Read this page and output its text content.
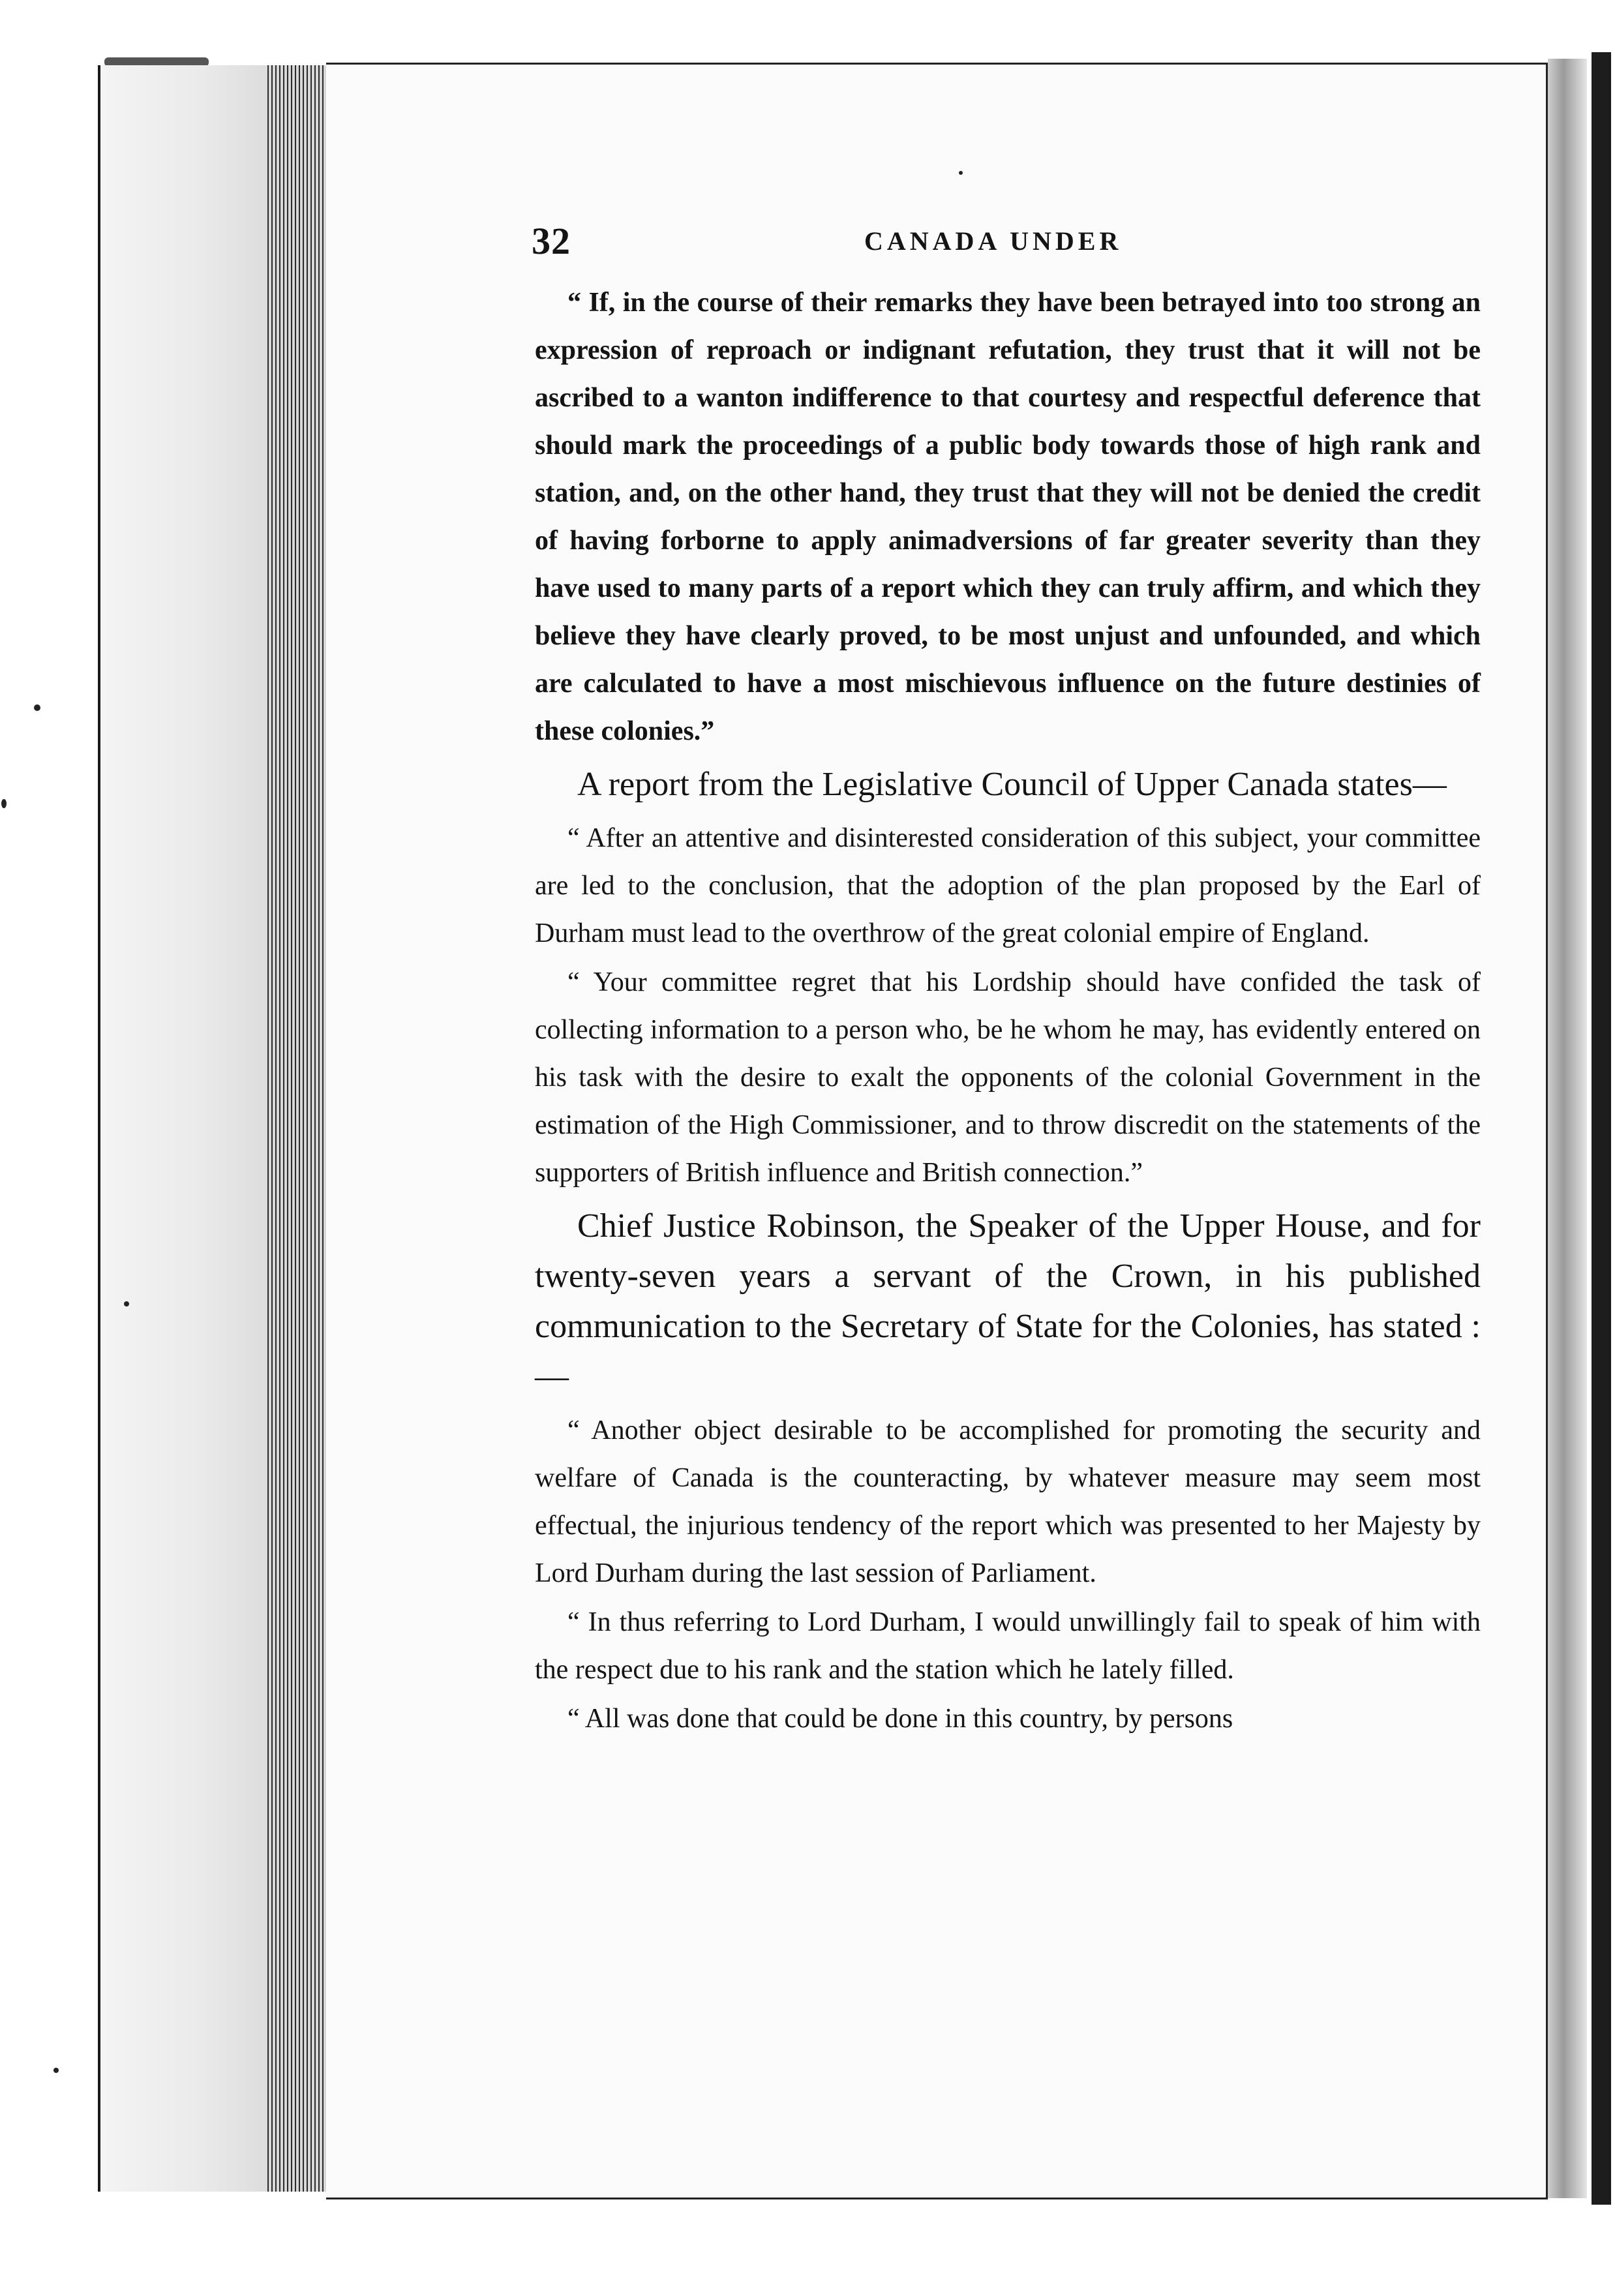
32	CANADA UNDER

“ If, in the course of their remarks they have been betrayed into too strong an expression of reproach or indignant refutation, they trust that it will not be ascribed to a wanton indifference to that courtesy and respectful deference that should mark the proceedings of a public body towards those of high rank and station, and, on the other hand, they trust that they will not be denied the credit of having forborne to apply animadversions of far greater severity than they have used to many parts of a report which they can truly affirm, and which they believe they have clearly proved, to be most unjust and unfounded, and which are calculated to have a most mischievous influence on the future destinies of these colonies.”

A report from the Legislative Council of Upper Canada states—

“ After an attentive and disinterested consideration of this subject, your committee are led to the conclusion, that the adoption of the plan proposed by the Earl of Durham must lead to the overthrow of the great colonial empire of England.

“ Your committee regret that his Lordship should have confided the task of collecting information to a person who, be he whom he may, has evidently entered on his task with the desire to exalt the opponents of the colonial Government in the estimation of the High Commissioner, and to throw discredit on the statements of the supporters of British influence and British connection.”

Chief Justice Robinson, the Speaker of the Upper House, and for twenty-seven years a servant of the Crown, in his published communication to the Secretary of State for the Colonies, has stated :—

“ Another object desirable to be accomplished for promoting the security and welfare of Canada is the counteracting, by whatever measure may seem most effectual, the injurious tendency of the report which was presented to her Majesty by Lord Durham during the last session of Parliament.

“ In thus referring to Lord Durham, I would unwillingly fail to speak of him with the respect due to his rank and the station which he lately filled.

“ All was done that could be done in this country, by persons
